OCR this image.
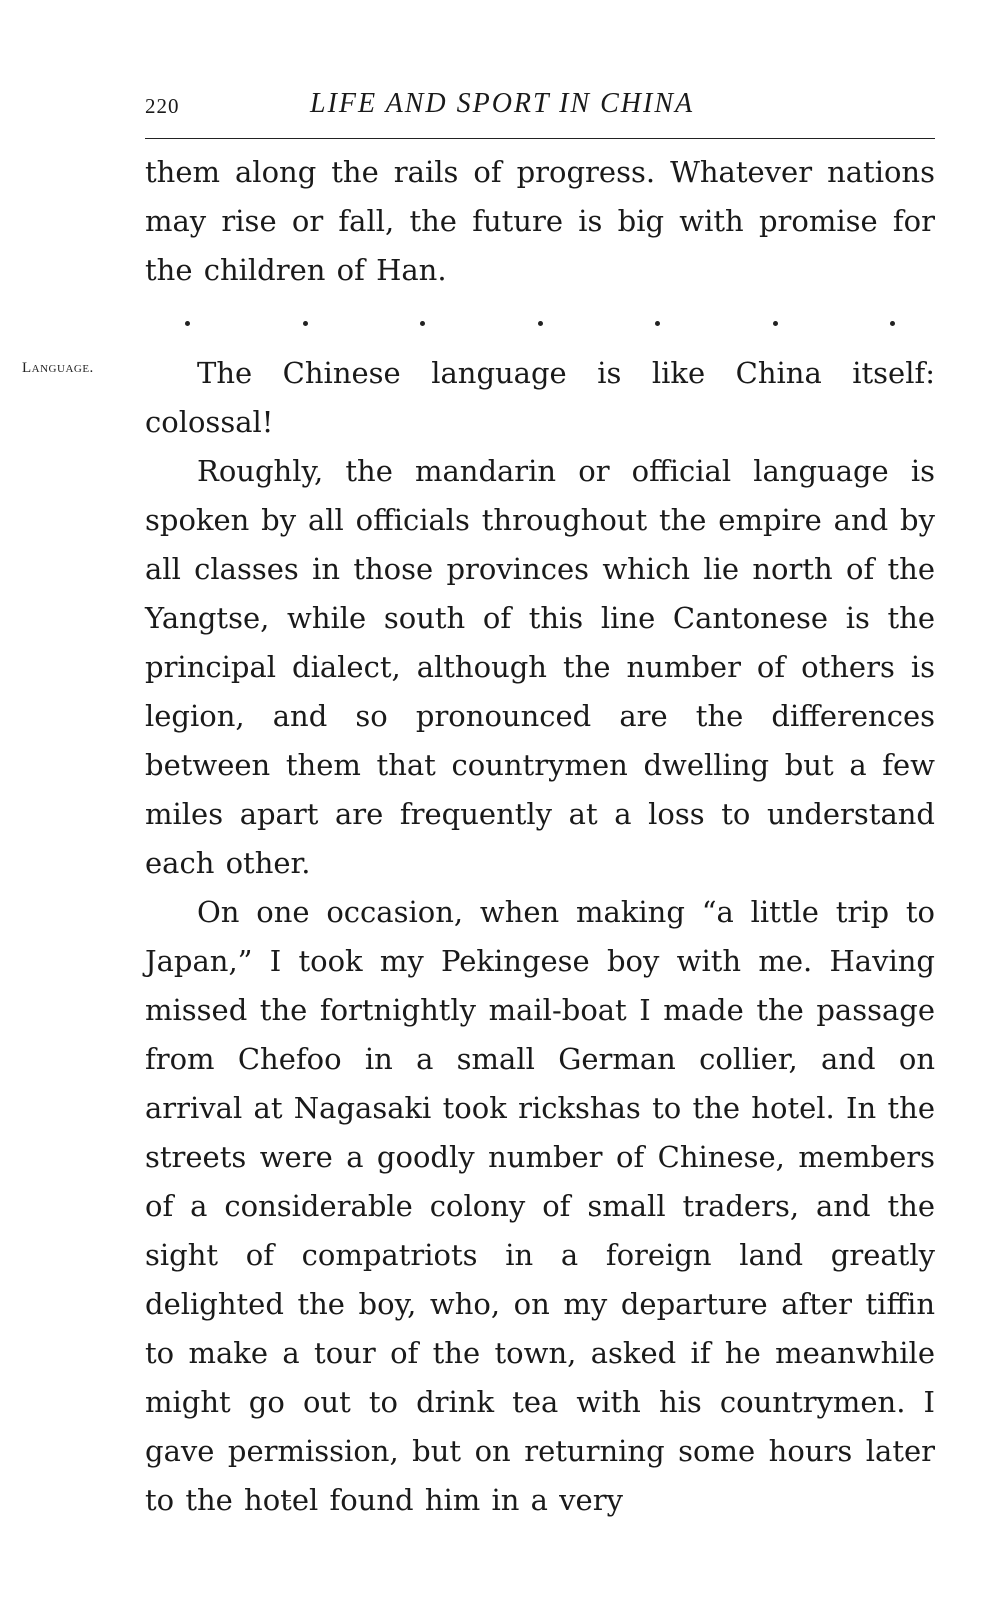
220	LIFE AND SPORT IN CHINA
Language.

them along the rails of progress. Whatever nations may rise or fall, the future is big with promise for the children of Han.

The Chinese language is like China itself: colossal!

Roughly, the mandarin or official language is spoken by all officials throughout the empire and by all classes in those provinces which lie north of the Yangtse, while south of this line Cantonese is the principal dialect, although the number of others is legion, and so pronounced are the differences between them that countrymen dwelling but a few miles apart are frequently at a loss to understand each other.

On one occasion, when making “a little trip to Japan,” I took my Pekingese boy with me. Having missed the fortnightly mail-boat I made the passage from Chefoo in a small German collier, and on arrival at Nagasaki took rickshas to the hotel. In the streets were a goodly number of Chinese, members of a considerable colony of small traders, and the sight of compatriots in a foreign land greatly delighted the boy, who, on my departure after tiffin to make a tour of the town, asked if he meanwhile might go out to drink tea with his countrymen. I gave permission, but on returning some hours later to the hotel found him in a very
